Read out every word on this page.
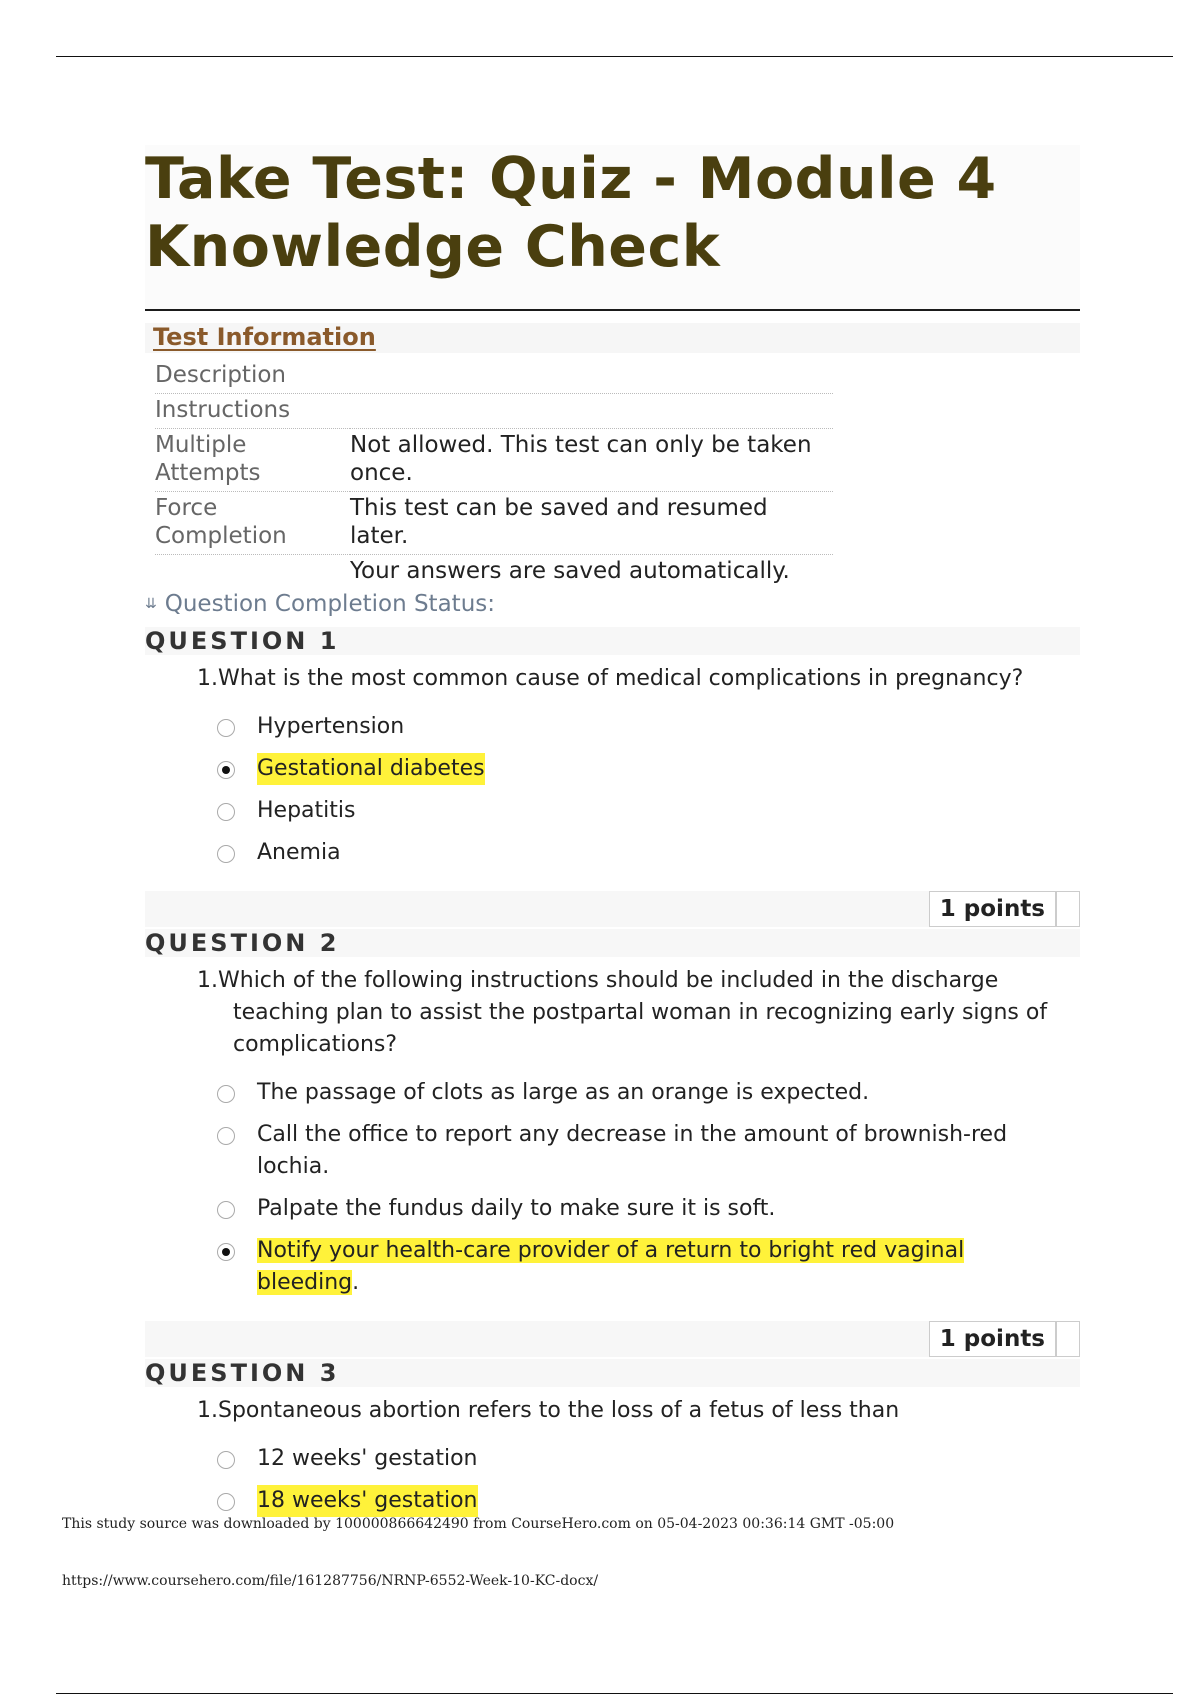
Take Test: Quiz - Module 4 Knowledge Check
Test Information
Description	
Instructions	
Multiple Attempts	Not allowed. This test can only be taken once.
Force Completion	This test can be saved and resumed later.
	Your answers are saved automatically.
⇊ Question Completion Status:
QUESTION 1
1.What is the most common cause of medical complications in pregnancy?
Hypertension
Gestational diabetes
Hepatitis
Anemia
1 points
QUESTION 2
1.Which of the following instructions should be included in the discharge
teaching plan to assist the postpartal woman in recognizing early signs of
complications?
The passage of clots as large as an orange is expected.
Call the office to report any decrease in the amount of brownish-red lochia.
Palpate the fundus daily to make sure it is soft.
Notify your health-care provider of a return to bright red vaginal bleeding.
1 points
QUESTION 3
1.Spontaneous abortion refers to the loss of a fetus of less than
12 weeks' gestation
18 weeks' gestation
This study source was downloaded by 100000866642490 from CourseHero.com on 05-04-2023 00:36:14 GMT -05:00
https://www.coursehero.com/file/161287756/NRNP-6552-Week-10-KC-docx/
